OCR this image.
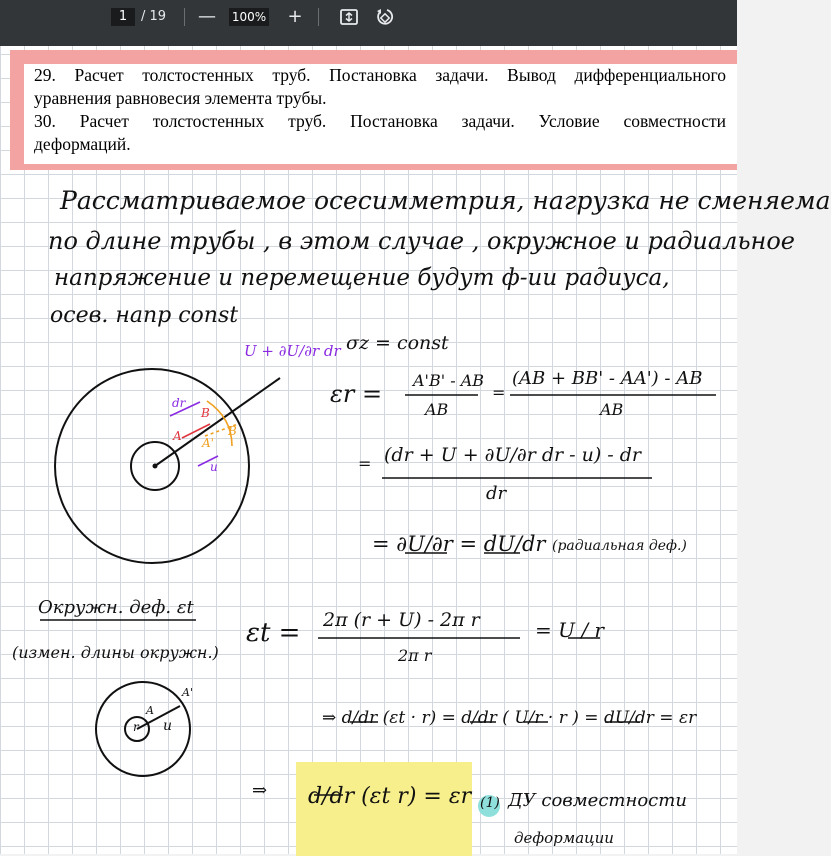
1	/ 19 — 100% +
29. Расчет толстостенных труб. Постановка задачи. Вывод дифференциального
уравнения равновесия элемента трубы.
30. Расчет толстостенных труб. Постановка задачи. Условие совместности
деформаций.
Рассматриваемое осесимметрия, нагрузка не сменяема
по длине трубы , в этом случае , окружное и радиальное
напряжение и перемещение будут ф-ии радиуса,
осев. напр const
U + ∂U/∂r dr
dr
B
A A'
B
u
σz = const
εr = A'B' - AB
AB
=
(AB + BB' - AA') - AB
AB
= (dr + U + ∂U/∂r dr - u) - dr
dr
= ∂U/∂r = dU/dr (радиальная деф.)
Окружн. деф. εt
(измен. длины окружн.)
εt = 2π (r + U) - 2π r
2π r
= U / r
A
A'
r u	⇒ d/dr (εt · r) = d/dr ( U/r · r ) = dU/dr = εr
⇒ d/dr (εt r) = εr (1) ДУ совместности
деформации
